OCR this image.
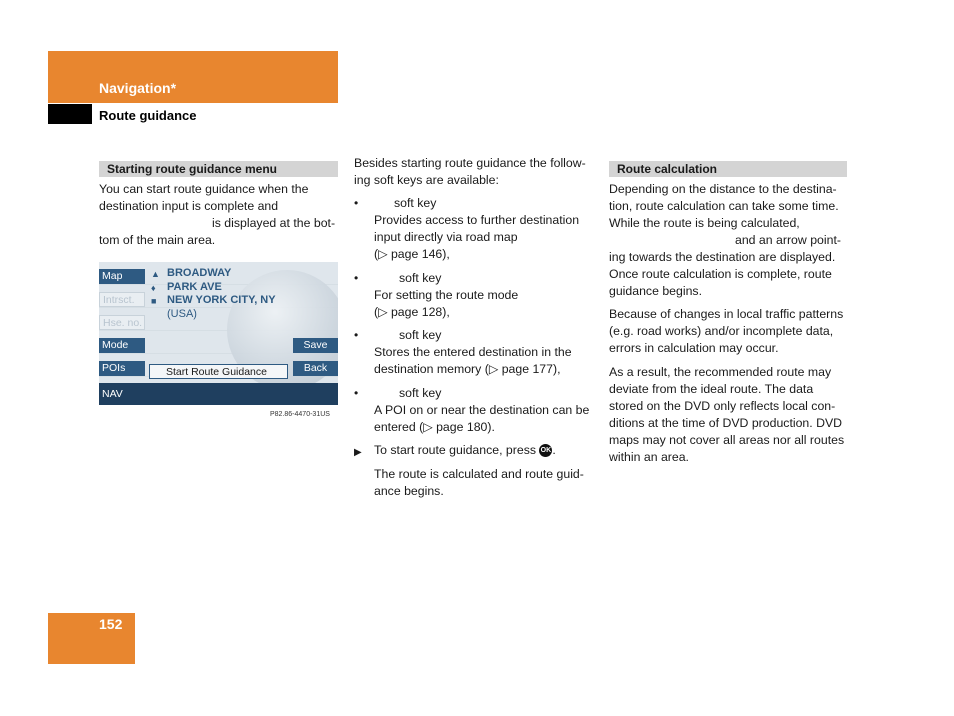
Navigation*
Route guidance
Starting route guidance menu
You can start route guidance when the
destination input is complete and
is displayed at the bot-
tom of the main area.
Map
Intrsct.
Hse. no.
Mode
POIs
Save
Back
▲ BROADWAY
♦	PARK AVE
■ NEW YORK CITY, NY
(USA)
Start Route Guidance
NAV
P82.86-4470-31US
Besides starting route guidance the follow-
ing soft keys are available:
•	soft key
Provides access to further destination
input directly via road map
(▷ page 146),
•	soft key
For setting the route mode
(▷ page 128),
•	soft key
Stores the entered destination in the
destination memory (▷ page 177),
•	soft key
A POI on or near the destination can be
entered (▷ page 180).
▶ To start route guidance, press OK.
The route is calculated and route guid-
ance begins.
Route calculation
Depending on the distance to the destina-
tion, route calculation can take some time.
While the route is being calculated,
and an arrow point-
ing towards the destination are displayed.
Once route calculation is complete, route
guidance begins.
Because of changes in local traffic patterns
(e.g. road works) and/or incomplete data,
errors in calculation may occur.
As a result, the recommended route may
deviate from the ideal route. The data
stored on the DVD only reflects local con-
ditions at the time of DVD production. DVD
maps may not cover all areas nor all routes
within an area.
152
